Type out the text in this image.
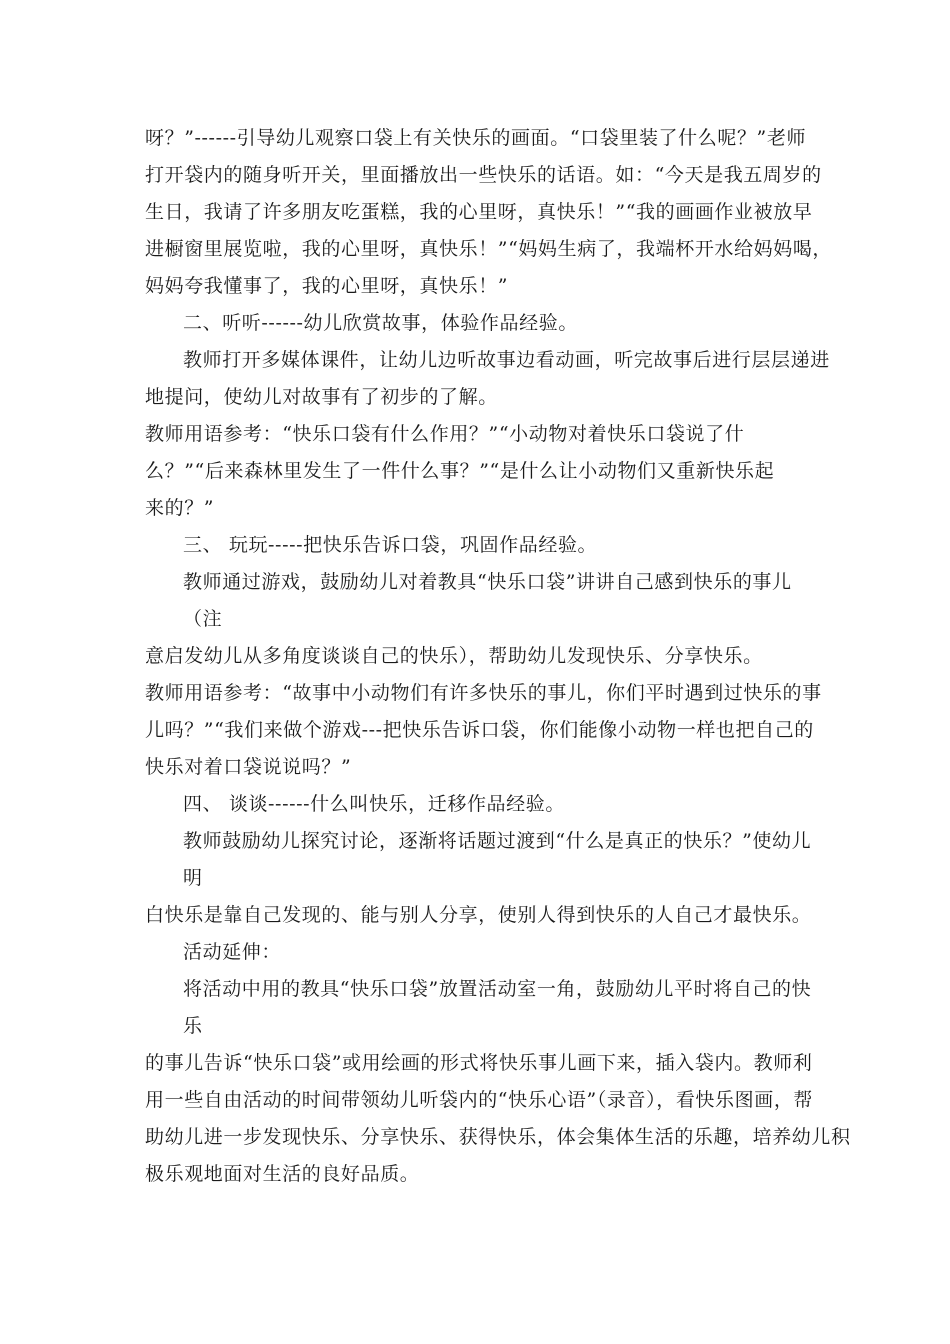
呀？”------引导幼儿观察口袋上有关快乐的画面。“口袋里装了什么呢？”老师
打开袋内的随身听开关，里面播放出一些快乐的话语。如：“今天是我五周岁的
生日，我请了许多朋友吃蛋糕，我的心里呀，真快乐！”“我的画画作业被放早
进橱窗里展览啦，我的心里呀，真快乐！”“妈妈生病了，我端杯开水给妈妈喝，
妈妈夸我懂事了，我的心里呀，真快乐！”
二、听听------幼儿欣赏故事，体验作品经验。
教师打开多媒体课件，让幼儿边听故事边看动画，听完故事后进行层层递进
地提问，使幼儿对故事有了初步的了解。
教师用语参考：“快乐口袋有什么作用？”“小动物对着快乐口袋说了什
么？”“后来森林里发生了一件什么事？”“是什么让小动物们又重新快乐起
来的？”
三、 玩玩-----把快乐告诉口袋，巩固作品经验。
教师通过游戏，鼓励幼儿对着教具“快乐口袋”讲讲自己感到快乐的事儿
（注
意启发幼儿从多角度谈谈自己的快乐），帮助幼儿发现快乐、分享快乐。
教师用语参考：“故事中小动物们有许多快乐的事儿，你们平时遇到过快乐的事
儿吗？”“我们来做个游戏---把快乐告诉口袋，你们能像小动物一样也把自己的
快乐对着口袋说说吗？”
四、 谈谈------什么叫快乐，迁移作品经验。
教师鼓励幼儿探究讨论，逐渐将话题过渡到“什么是真正的快乐？”使幼儿
明
白快乐是靠自己发现的、能与别人分享，使别人得到快乐的人自己才最快乐。
活动延伸：
将活动中用的教具“快乐口袋”放置活动室一角，鼓励幼儿平时将自己的快
乐
的事儿告诉“快乐口袋”或用绘画的形式将快乐事儿画下来，插入袋内。教师利
用一些自由活动的时间带领幼儿听袋内的“快乐心语”（录音），看快乐图画，帮
助幼儿进一步发现快乐、分享快乐、获得快乐，体会集体生活的乐趣，培养幼儿积
极乐观地面对生活的良好品质。
